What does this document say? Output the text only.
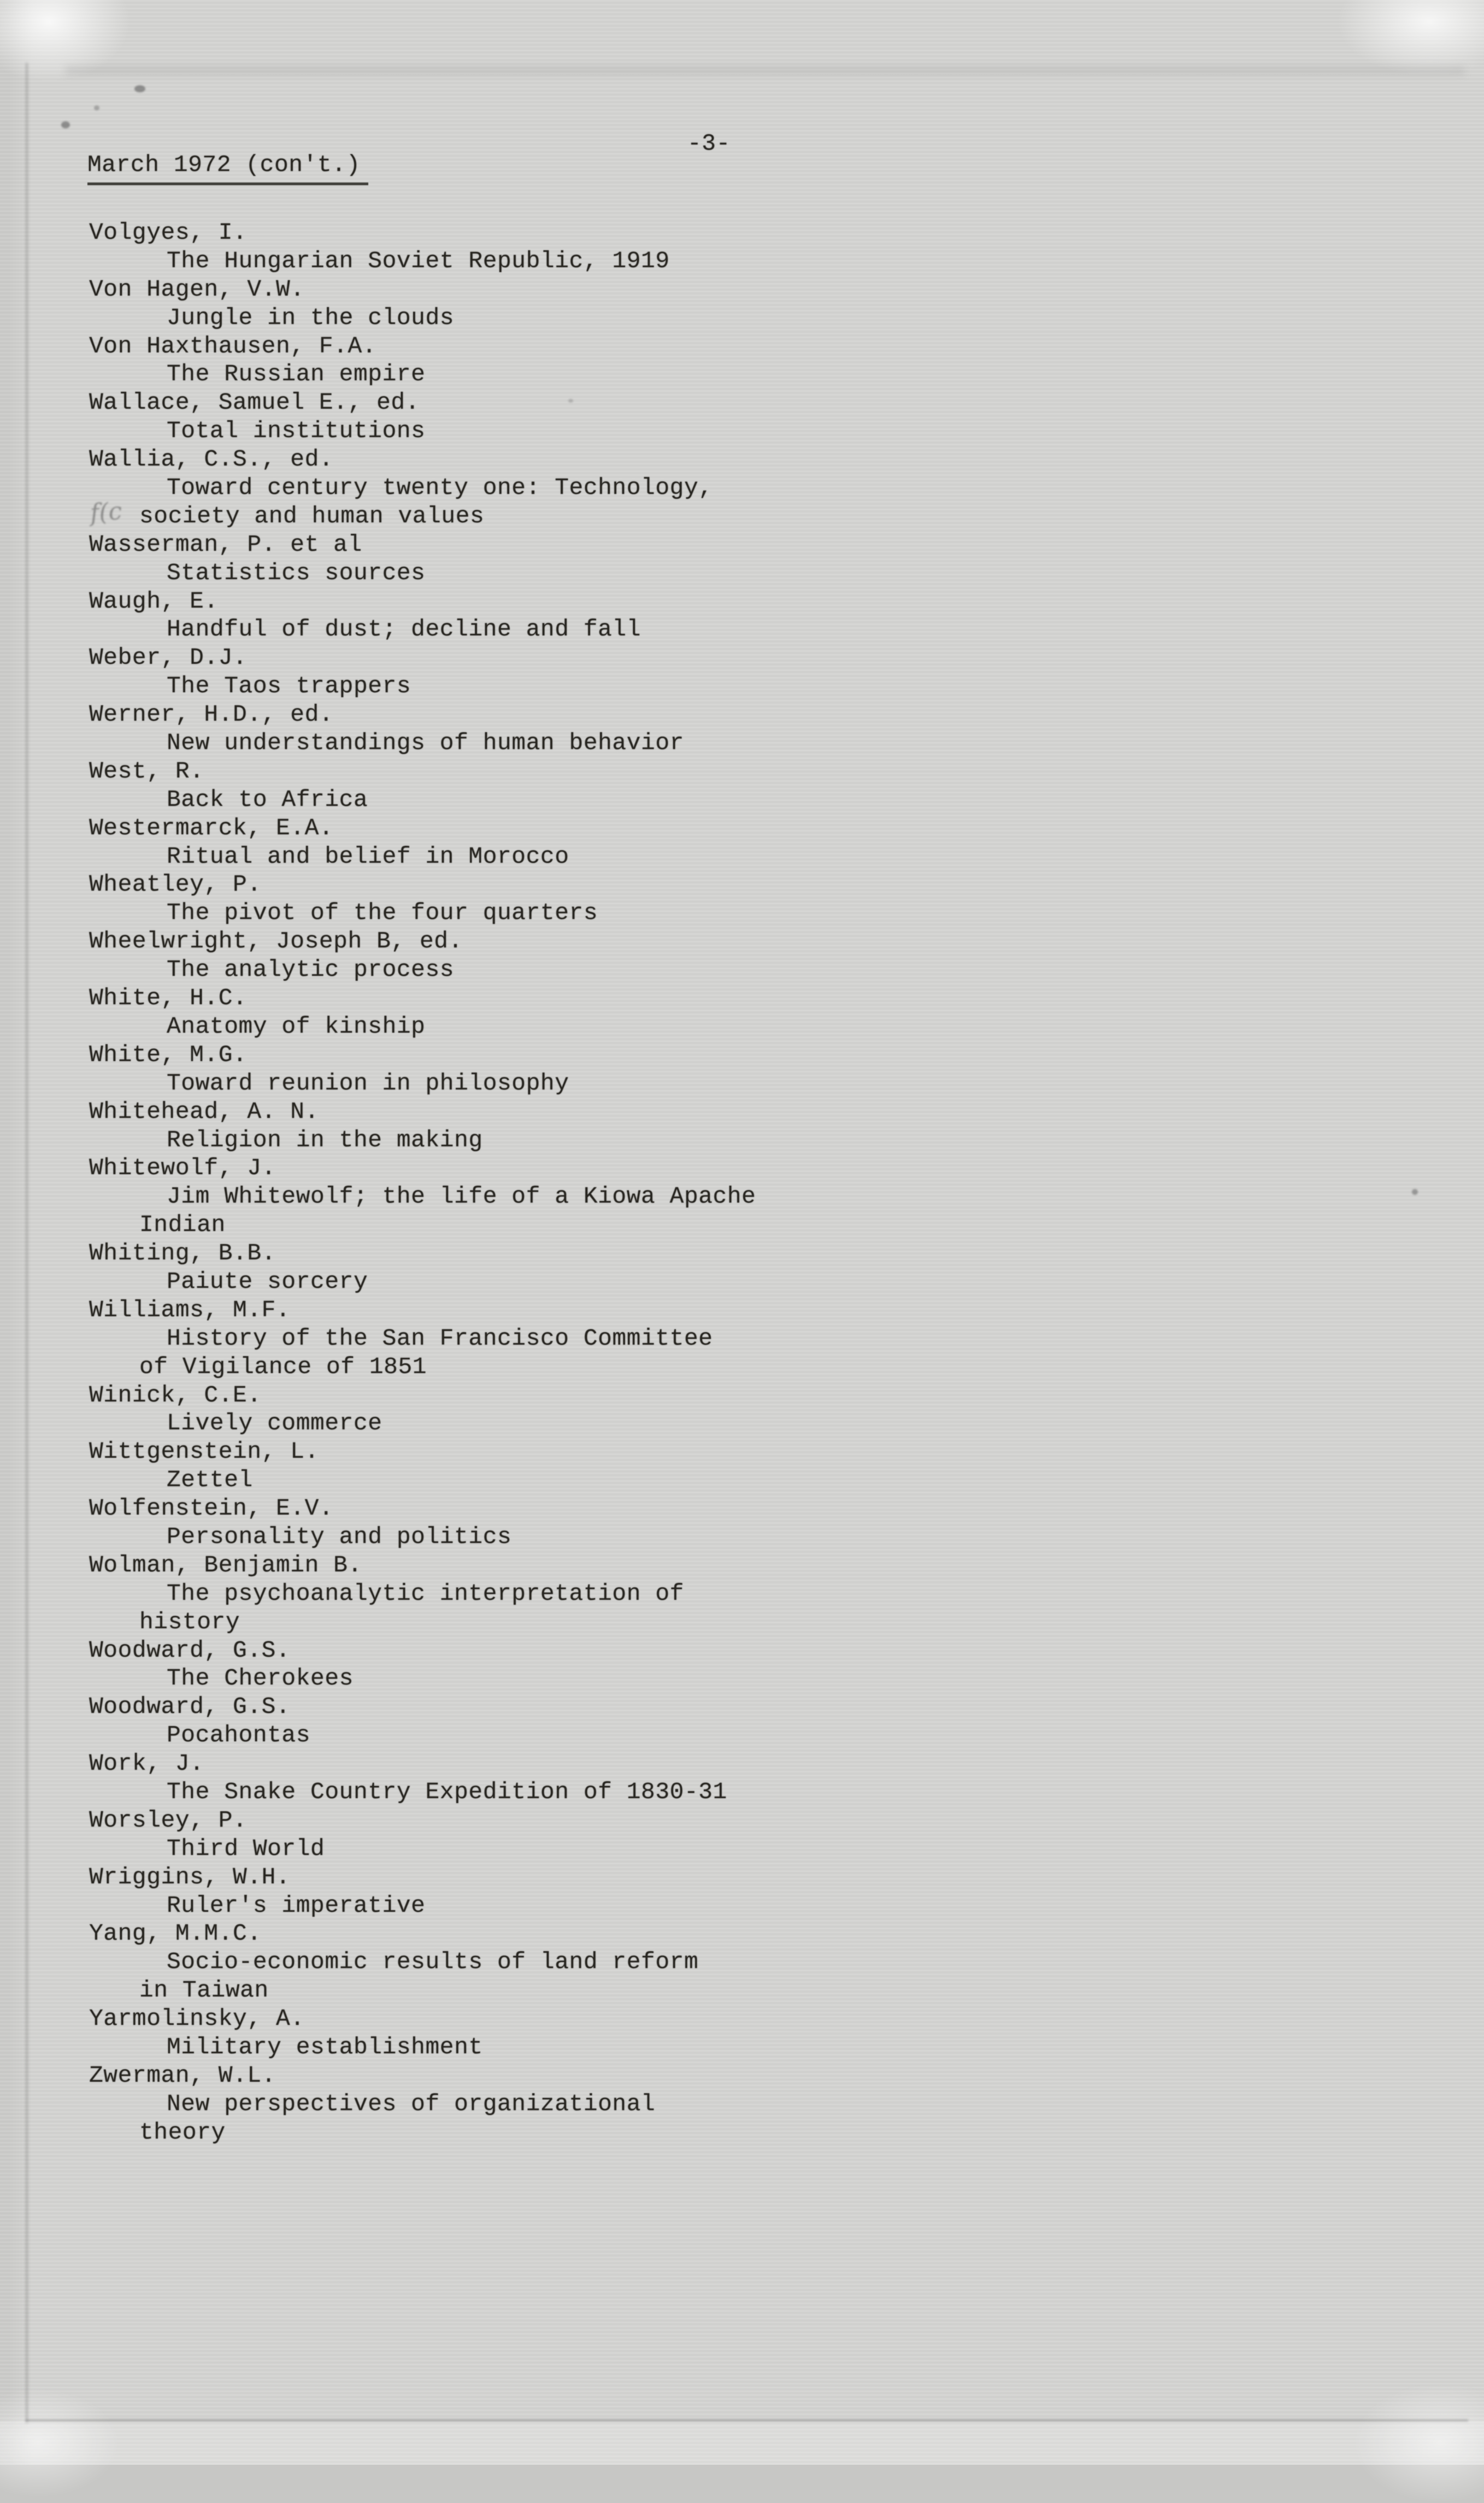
-3-
March 1972 (con't.)
f(c
Volgyes, I.
The Hungarian Soviet Republic, 1919
Von Hagen, V.W.
Jungle in the clouds
Von Haxthausen, F.A.
The Russian empire
Wallace, Samuel E., ed.
Total institutions
Wallia, C.S., ed.
Toward century twenty one: Technology,
society and human values
Wasserman, P. et al
Statistics sources
Waugh, E.
Handful of dust; decline and fall
Weber, D.J.
The Taos trappers
Werner, H.D., ed.
New understandings of human behavior
West, R.
Back to Africa
Westermarck, E.A.
Ritual and belief in Morocco
Wheatley, P.
The pivot of the four quarters
Wheelwright, Joseph B, ed.
The analytic process
White, H.C.
Anatomy of kinship
White, M.G.
Toward reunion in philosophy
Whitehead, A. N.
Religion in the making
Whitewolf, J.
Jim Whitewolf; the life of a Kiowa Apache
Indian
Whiting, B.B.
Paiute sorcery
Williams, M.F.
History of the San Francisco Committee
of Vigilance of 1851
Winick, C.E.
Lively commerce
Wittgenstein, L.
Zettel
Wolfenstein, E.V.
Personality and politics
Wolman, Benjamin B.
The psychoanalytic interpretation of
history
Woodward, G.S.
The Cherokees
Woodward, G.S.
Pocahontas
Work, J.
The Snake Country Expedition of 1830-31
Worsley, P.
Third World
Wriggins, W.H.
Ruler's imperative
Yang, M.M.C.
Socio-economic results of land reform
in Taiwan
Yarmolinsky, A.
Military establishment
Zwerman, W.L.
New perspectives of organizational
theory
